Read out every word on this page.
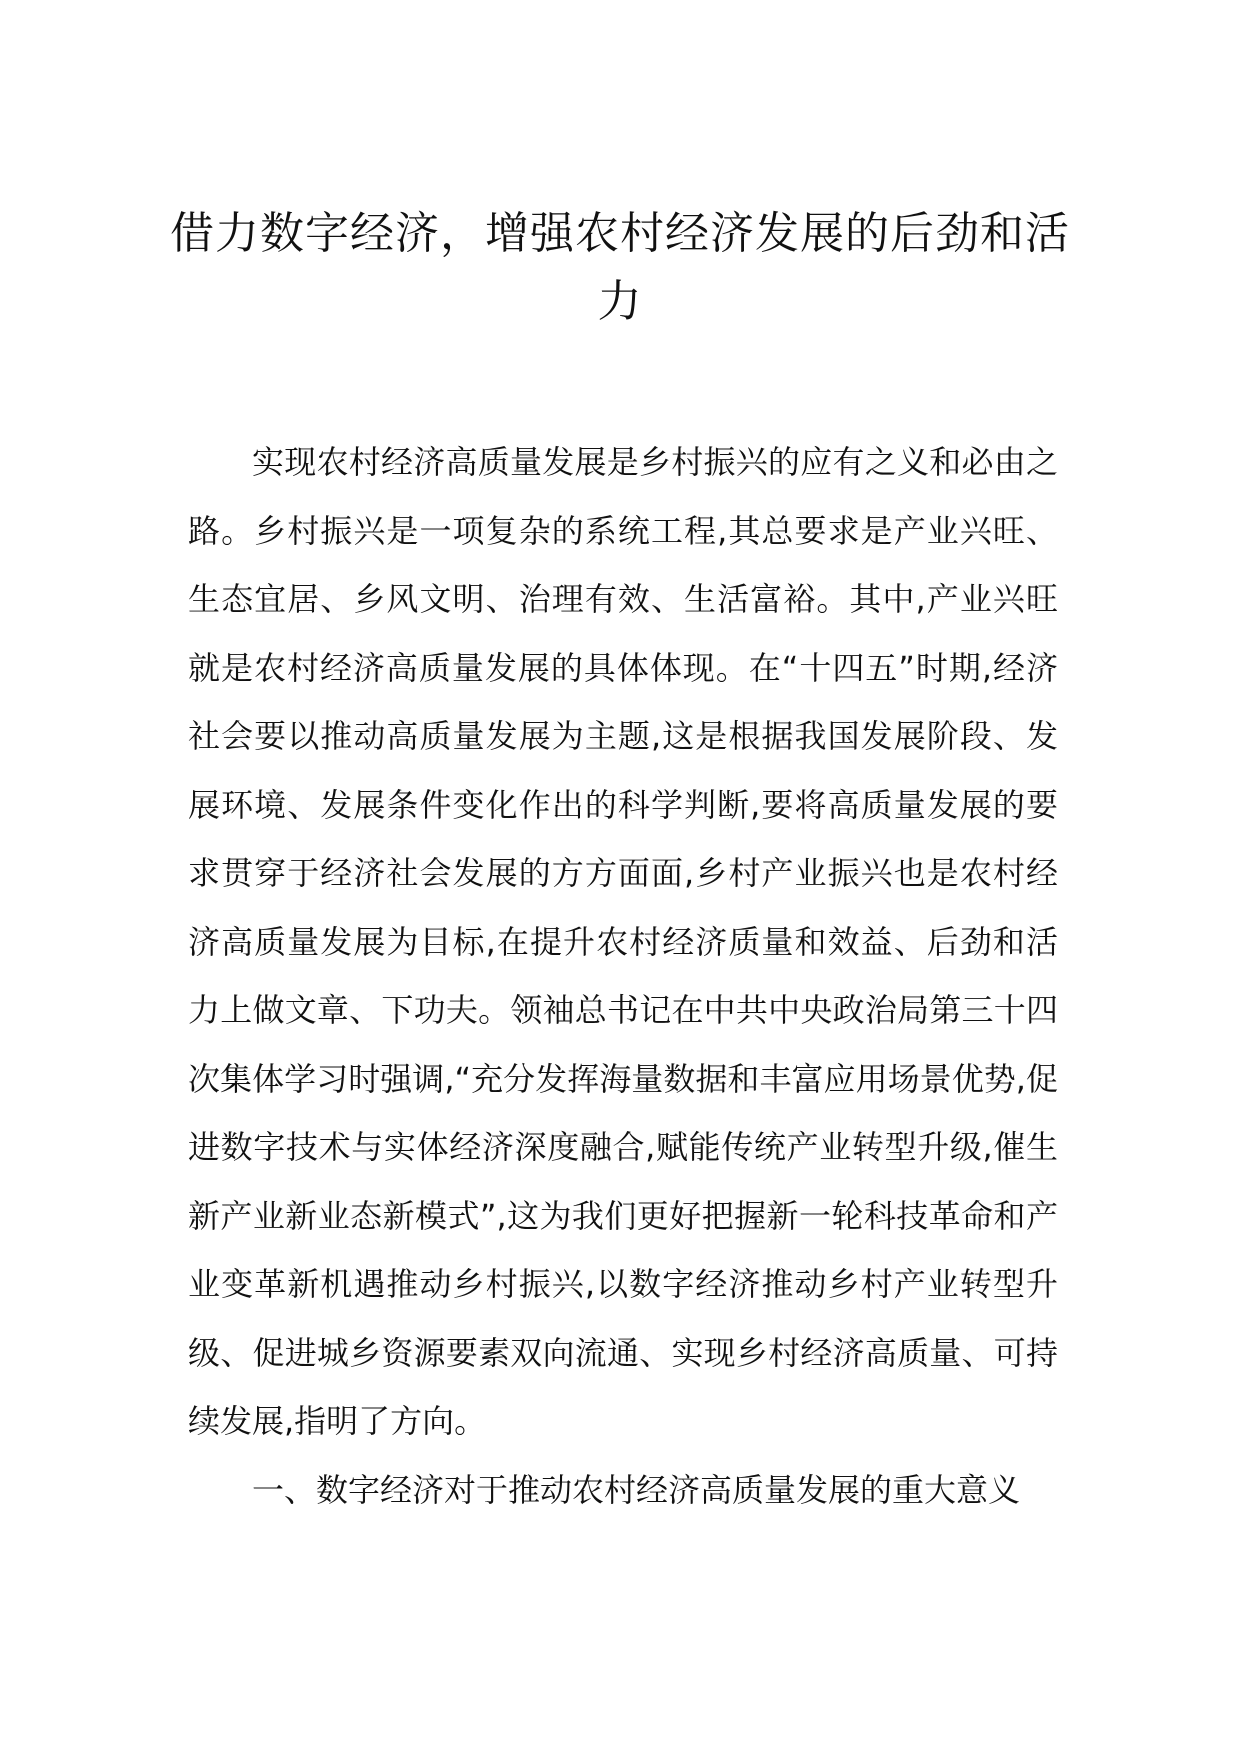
借力数字经济，增强农村经济发展的后劲和活力

实现农村经济高质量发展是乡村振兴的应有之义和必由之路。乡村振兴是一项复杂的系统工程,其总要求是产业兴旺、生态宜居、乡风文明、治理有效、生活富裕。其中,产业兴旺就是农村经济高质量发展的具体体现。在“十四五”时期,经济社会要以推动高质量发展为主题,这是根据我国发展阶段、发展环境、发展条件变化作出的科学判断,要将高质量发展的要求贯穿于经济社会发展的方方面面,乡村产业振兴也是农村经济高质量发展为目标,在提升农村经济质量和效益、后劲和活力上做文章、下功夫。领袖总书记在中共中央政治局第三十四次集体学习时强调,“充分发挥海量数据和丰富应用场景优势,促进数字技术与实体经济深度融合,赋能传统产业转型升级,催生新产业新业态新模式”,这为我们更好把握新一轮科技革命和产业变革新机遇推动乡村振兴,以数字经济推动乡村产业转型升级、促进城乡资源要素双向流通、实现乡村经济高质量、可持续发展,指明了方向。

一、数字经济对于推动农村经济高质量发展的重大意义
